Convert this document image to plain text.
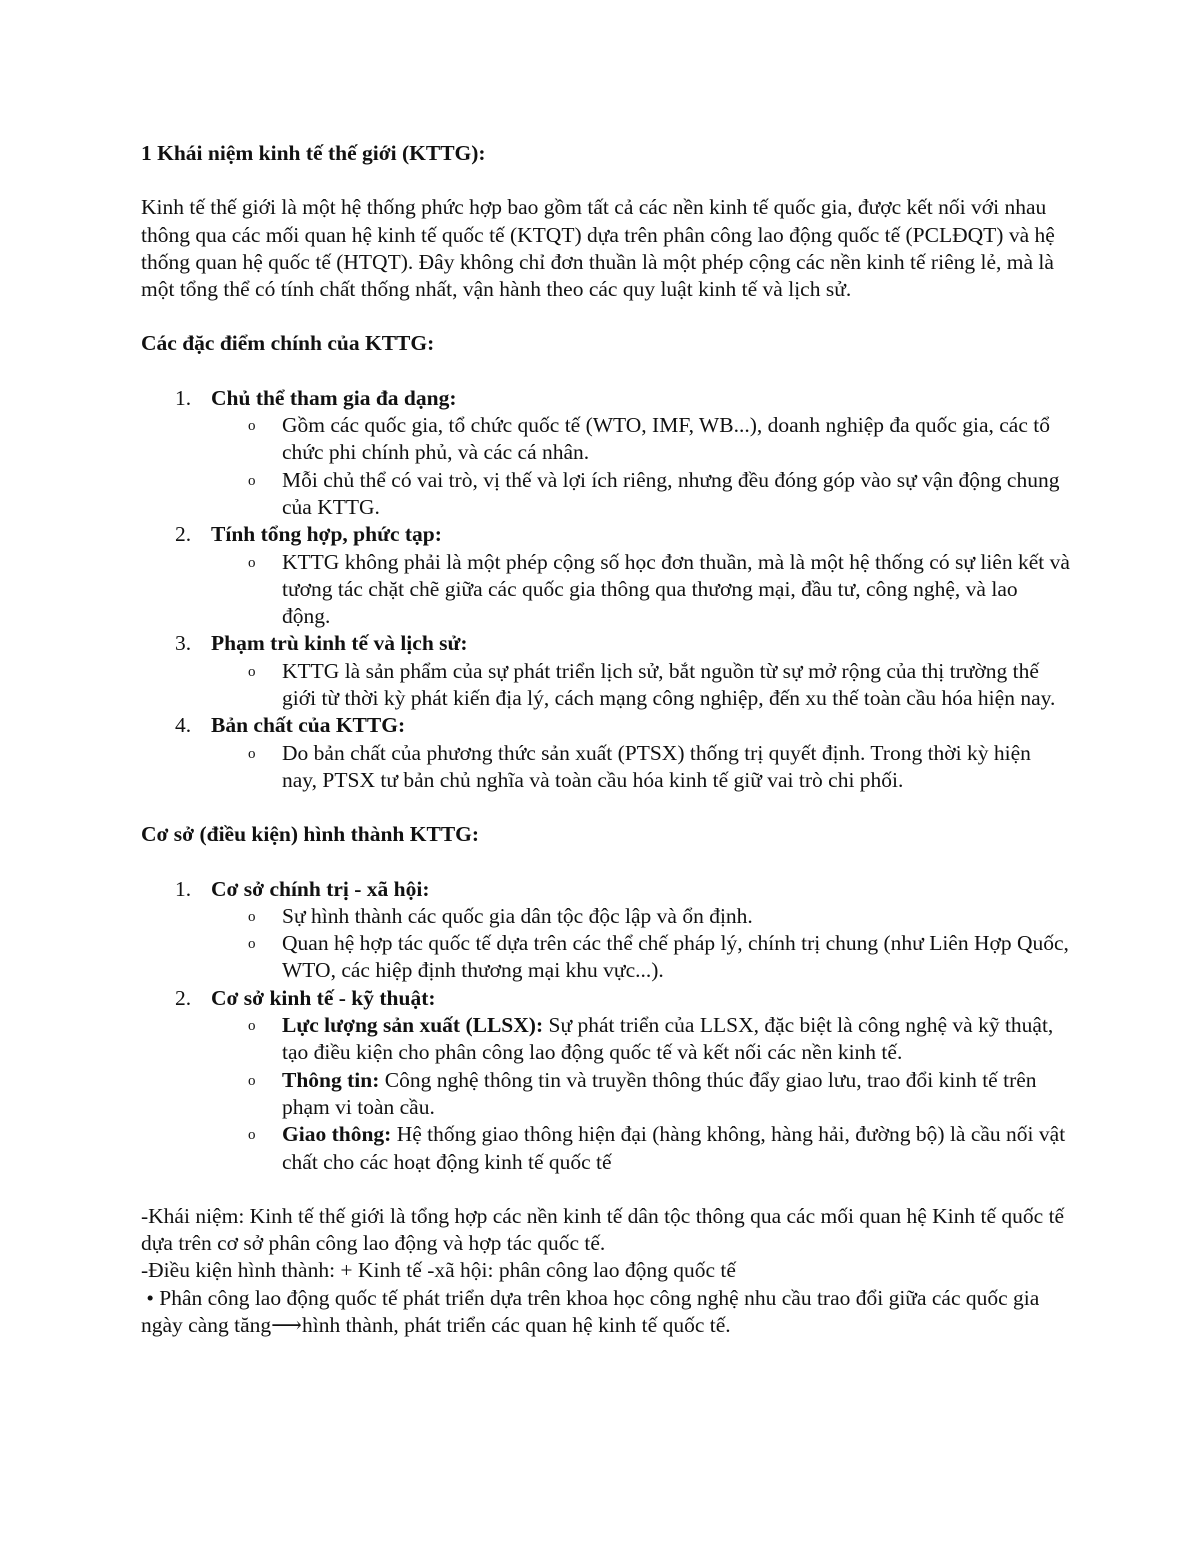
1 Khái niệm kinh tế thế giới (KTTG):

Kinh tế thế giới là một hệ thống phức hợp bao gồm tất cả các nền kinh tế quốc gia, được kết nối với nhau thông qua các mối quan hệ kinh tế quốc tế (KTQT) dựa trên phân công lao động quốc tế (PCLĐQT) và hệ thống quan hệ quốc tế (HTQT). Đây không chỉ đơn thuần là một phép cộng các nền kinh tế riêng lẻ, mà là một tổng thể có tính chất thống nhất, vận hành theo các quy luật kinh tế và lịch sử.

Các đặc điểm chính của KTTG:

1. Chủ thể tham gia đa dạng:
o Gồm các quốc gia, tổ chức quốc tế (WTO, IMF, WB...), doanh nghiệp đa quốc gia, các tổ chức phi chính phủ, và các cá nhân.
o Mỗi chủ thể có vai trò, vị thế và lợi ích riêng, nhưng đều đóng góp vào sự vận động chung của KTTG.
2. Tính tổng hợp, phức tạp:
o KTTG không phải là một phép cộng số học đơn thuần, mà là một hệ thống có sự liên kết và tương tác chặt chẽ giữa các quốc gia thông qua thương mại, đầu tư, công nghệ, và lao động.
3. Phạm trù kinh tế và lịch sử:
o KTTG là sản phẩm của sự phát triển lịch sử, bắt nguồn từ sự mở rộng của thị trường thế giới từ thời kỳ phát kiến địa lý, cách mạng công nghiệp, đến xu thế toàn cầu hóa hiện nay.
4. Bản chất của KTTG:
o Do bản chất của phương thức sản xuất (PTSX) thống trị quyết định. Trong thời kỳ hiện nay, PTSX tư bản chủ nghĩa và toàn cầu hóa kinh tế giữ vai trò chi phối.

Cơ sở (điều kiện) hình thành KTTG:

1. Cơ sở chính trị - xã hội:
o Sự hình thành các quốc gia dân tộc độc lập và ổn định.
o Quan hệ hợp tác quốc tế dựa trên các thể chế pháp lý, chính trị chung (như Liên Hợp Quốc, WTO, các hiệp định thương mại khu vực...).
2. Cơ sở kinh tế - kỹ thuật:
o Lực lượng sản xuất (LLSX): Sự phát triển của LLSX, đặc biệt là công nghệ và kỹ thuật, tạo điều kiện cho phân công lao động quốc tế và kết nối các nền kinh tế.
o Thông tin: Công nghệ thông tin và truyền thông thúc đẩy giao lưu, trao đổi kinh tế trên phạm vi toàn cầu.
o Giao thông: Hệ thống giao thông hiện đại (hàng không, hàng hải, đường bộ) là cầu nối vật chất cho các hoạt động kinh tế quốc tế

-Khái niệm: Kinh tế thế giới là tổng hợp các nền kinh tế dân tộc thông qua các mối quan hệ Kinh tế quốc tế dựa trên cơ sở phân công lao động và hợp tác quốc tế.

-Điều kiện hình thành: + Kinh tế -xã hội: phân công lao động quốc tế

• Phân công lao động quốc tế phát triển dựa trên khoa học công nghệ nhu cầu trao đổi giữa các quốc gia ngày càng tăng⟶hình thành, phát triển các quan hệ kinh tế quốc tế.
